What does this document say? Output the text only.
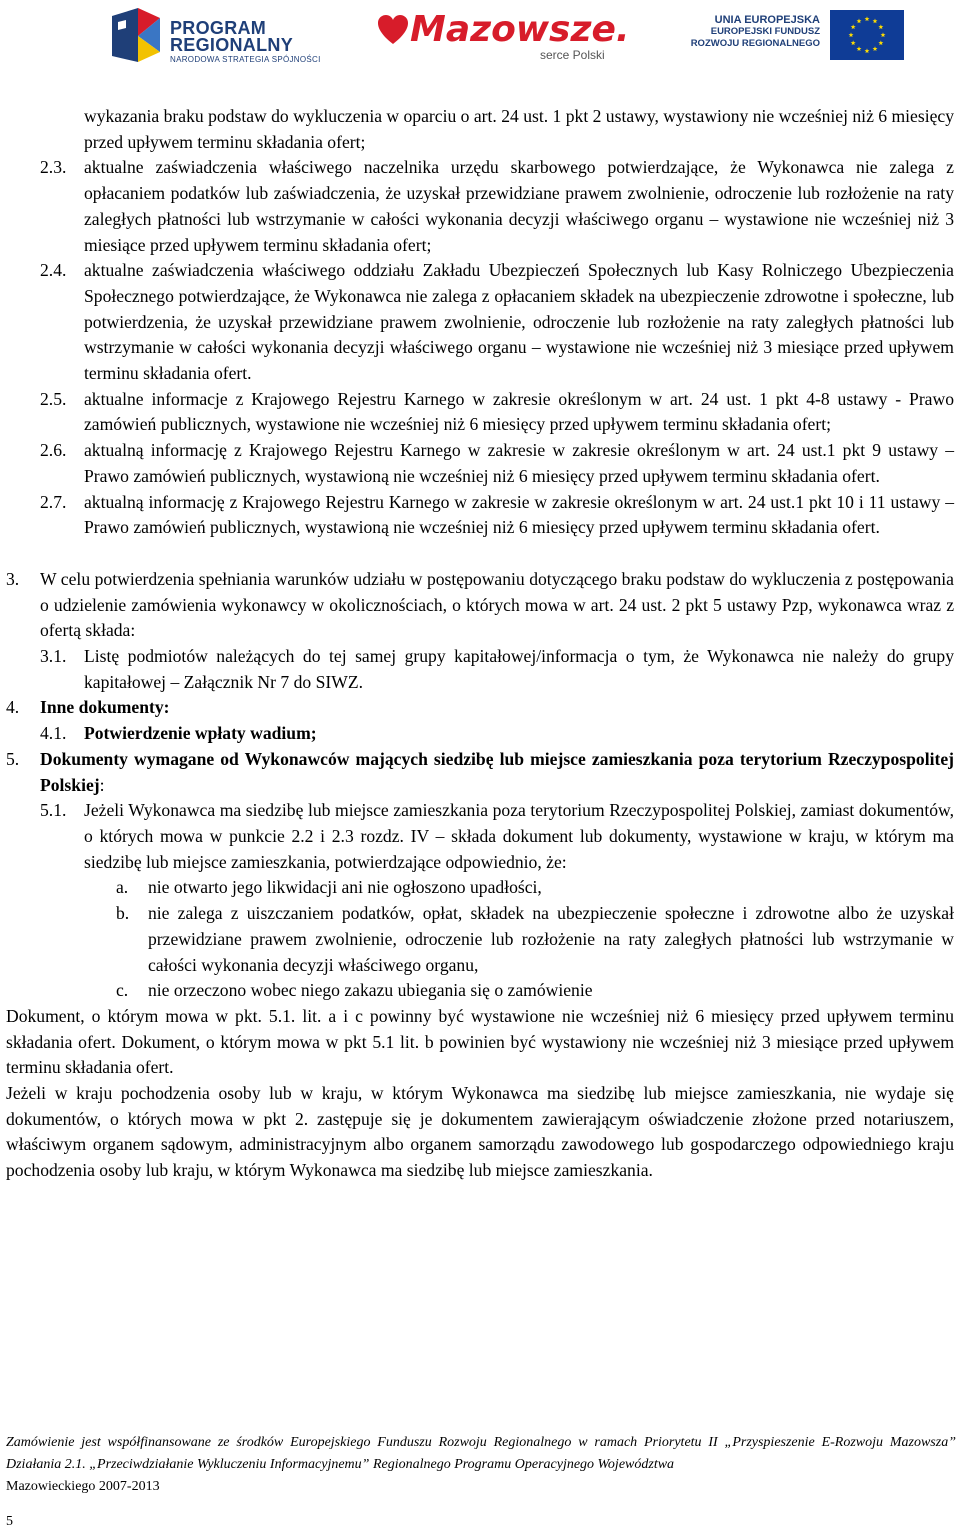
PROGRAM
REGIONALNY
NARODOWA STRATEGIA SPÓJNOŚCI
Mazowsze.
serce Polski
UNIA EUROPEJSKA
EUROPEJSKI FUNDUSZ
ROZWOJU REGIONALNEGO

wykazania braku podstaw do wykluczenia w oparciu o art. 24 ust. 1 pkt 2 ustawy, wystawiony nie wcześniej niż 6 miesięcy przed upływem terminu składania ofert;

2.3. aktualne zaświadczenia właściwego naczelnika urzędu skarbowego potwierdzające, że Wykonawca nie zalega z opłacaniem podatków lub zaświadczenia, że uzyskał przewidziane prawem zwolnienie, odroczenie lub rozłożenie na raty zaległych płatności lub wstrzymanie w całości wykonania decyzji właściwego organu – wystawione nie wcześniej niż 3 miesiące przed upływem terminu składania ofert;
2.4. aktualne zaświadczenia właściwego oddziału Zakładu Ubezpieczeń Społecznych lub Kasy Rolniczego Ubezpieczenia Społecznego potwierdzające, że Wykonawca nie zalega z opłacaniem składek na ubezpieczenie zdrowotne i społeczne, lub potwierdzenia, że uzyskał przewidziane prawem zwolnienie, odroczenie lub rozłożenie na raty zaległych płatności lub wstrzymanie w całości wykonania decyzji właściwego organu – wystawione nie wcześniej niż 3 miesiące przed upływem terminu składania ofert.
2.5. aktualne informacje z Krajowego Rejestru Karnego w zakresie określonym w art. 24 ust. 1 pkt 4-8 ustawy - Prawo zamówień publicznych, wystawione nie wcześniej niż 6 miesięcy przed upływem terminu składania ofert;
2.6. aktualną informację z Krajowego Rejestru Karnego w zakresie w zakresie określonym w art. 24 ust.1 pkt 9 ustawy – Prawo zamówień publicznych, wystawioną nie wcześniej niż 6 miesięcy przed upływem terminu składania ofert.
2.7. aktualną informację z Krajowego Rejestru Karnego w zakresie w zakresie określonym w art. 24 ust.1 pkt 10 i 11 ustawy – Prawo zamówień publicznych, wystawioną nie wcześniej niż 6 miesięcy przed upływem terminu składania ofert.
3. W celu potwierdzenia spełniania warunków udziału w postępowaniu dotyczącego braku podstaw do wykluczenia z postępowania o udzielenie zamówienia wykonawcy w okolicznościach, o których mowa w art. 24 ust. 2 pkt 5 ustawy Pzp, wykonawca wraz z ofertą składa:
3.1. Listę podmiotów należących do tej samej grupy kapitałowej/informacja o tym, że Wykonawca nie należy do grupy kapitałowej – Załącznik Nr 7 do SIWZ.
4. Inne dokumenty:
4.1. Potwierdzenie wpłaty wadium;
5. Dokumenty wymagane od Wykonawców mających siedzibę lub miejsce zamieszkania poza terytorium Rzeczypospolitej Polskiej:
5.1. Jeżeli Wykonawca ma siedzibę lub miejsce zamieszkania poza terytorium Rzeczypospolitej Polskiej, zamiast dokumentów, o których mowa w punkcie 2.2 i 2.3 rozdz. IV – składa dokument lub dokumenty, wystawione w kraju, w którym ma siedzibę lub miejsce zamieszkania, potwierdzające odpowiednio, że:
a. nie otwarto jego likwidacji ani nie ogłoszono upadłości,
b. nie zalega z uiszczaniem podatków, opłat, składek na ubezpieczenie społeczne i zdrowotne albo że uzyskał przewidziane prawem zwolnienie, odroczenie lub rozłożenie na raty zaległych płatności lub wstrzymanie w całości wykonania decyzji właściwego organu,
c. nie orzeczono wobec niego zakazu ubiegania się o zamówienie

Dokument, o którym mowa w pkt. 5.1. lit. a i c powinny być wystawione nie wcześniej niż 6 miesięcy przed upływem terminu składania ofert. Dokument, o którym mowa w pkt 5.1 lit. b powinien być wystawiony nie wcześniej niż 3 miesiące przed upływem terminu składania ofert.

Jeżeli w kraju pochodzenia osoby lub w kraju, w którym Wykonawca ma siedzibę lub miejsce zamieszkania, nie wydaje się dokumentów, o których mowa w pkt 2. zastępuje się je dokumentem zawierającym oświadczenie złożone przed notariuszem, właściwym organem sądowym, administracyjnym albo organem samorządu zawodowego lub gospodarczego odpowiedniego kraju pochodzenia osoby lub kraju, w którym Wykonawca ma siedzibę lub miejsce zamieszkania.

Zamówienie jest współfinansowane ze środków Europejskiego Funduszu Rozwoju Regionalnego w ramach Priorytetu II „Przyspieszenie E-Rozwoju Mazowsza” Działania 2.1. „Przeciwdziałanie Wykluczeniu Informacyjnemu” Regionalnego Programu Operacyjnego Województwa
Mazowieckiego 2007-2013
5
